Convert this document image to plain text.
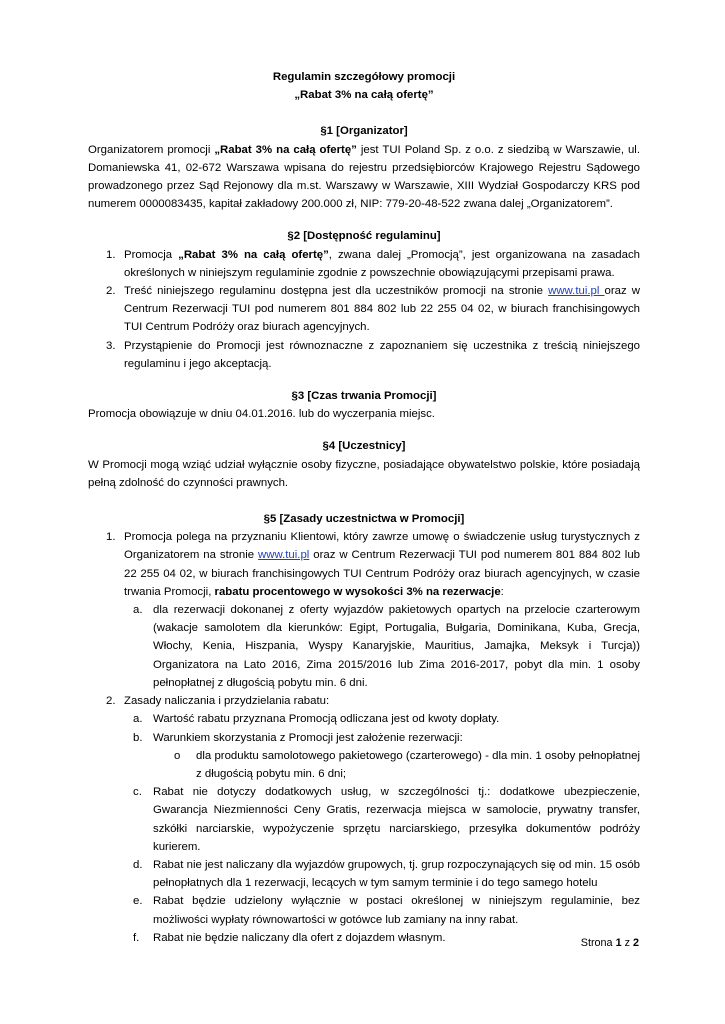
Regulamin szczegółowy promocji
„Rabat 3% na całą ofertę”
§1 [Organizator]

Organizatorem promocji „Rabat 3% na całą ofertę” jest TUI Poland Sp. z o.o. z siedzibą w Warszawie, ul. Domaniewska 41, 02-672 Warszawa wpisana do rejestru przedsiębiorców Krajowego Rejestru Sądowego prowadzonego przez Sąd Rejonowy dla m.st. Warszawy w Warszawie, XIII Wydział Gospodarczy KRS pod numerem 0000083435, kapitał zakładowy 200.000 zł, NIP: 779-20-48-522 zwana dalej „Organizatorem”.

§2 [Dostępność regulaminu]
1. Promocja „Rabat 3% na całą ofertę”, zwana dalej „Promocją”, jest organizowana na zasadach określonych w niniejszym regulaminie zgodnie z powszechnie obowiązującymi przepisami prawa.
2. Treść niniejszego regulaminu dostępna jest dla uczestników promocji na stronie www.tui.pl oraz w Centrum Rezerwacji TUI pod numerem 801 884 802 lub 22 255 04 02, w biurach franchisingowych TUI Centrum Podróży oraz biurach agencyjnych.
3. Przystąpienie do Promocji jest równoznaczne z zapoznaniem się uczestnika z treścią niniejszego regulaminu i jego akceptacją.
§3 [Czas trwania Promocji]

Promocja obowiązuje w dniu 04.01.2016. lub do wyczerpania miejsc.

§4 [Uczestnicy]

W Promocji mogą wziąć udział wyłącznie osoby fizyczne, posiadające obywatelstwo polskie, które posiadają pełną zdolność do czynności prawnych.

§5 [Zasady uczestnictwa w Promocji]
1. Promocja polega na przyznaniu Klientowi, który zawrze umowę o świadczenie usług turystycznych z Organizatorem na stronie www.tui.pl oraz w Centrum Rezerwacji TUI pod numerem 801 884 802 lub 22 255 04 02, w biurach franchisingowych TUI Centrum Podróży oraz biurach agencyjnych, w czasie trwania Promocji, rabatu procentowego w wysokości 3% na rezerwacje:
a. dla rezerwacji dokonanej z oferty wyjazdów pakietowych opartych na przelocie czarterowym (wakacje samolotem dla kierunków: Egipt, Portugalia, Bułgaria, Dominikana, Kuba, Grecja, Włochy, Kenia, Hiszpania, Wyspy Kanaryjskie, Mauritius, Jamajka, Meksyk i Turcja)) Organizatora na Lato 2016, Zima 2015/2016 lub Zima 2016-2017, pobyt dla min. 1 osoby pełnopłatnej z długością pobytu min. 6 dni.
2. Zasady naliczania i przydzielania rabatu:
a. Wartość rabatu przyznana Promocją odliczana jest od kwoty dopłaty.
b. Warunkiem skorzystania z Promocji jest założenie rezerwacji:
o dla produktu samolotowego pakietowego (czarterowego) - dla min. 1 osoby pełnopłatnej z długością pobytu min. 6 dni;
c. Rabat nie dotyczy dodatkowych usług, w szczególności tj.: dodatkowe ubezpieczenie, Gwarancja Niezmienności Ceny Gratis, rezerwacja miejsca w samolocie, prywatny transfer, szkółki narciarskie, wypożyczenie sprzętu narciarskiego, przesyłka dokumentów podróży kurierem.
d. Rabat nie jest naliczany dla wyjazdów grupowych, tj. grup rozpoczynających się od min. 15 osób pełnopłatnych dla 1 rezerwacji, lecących w tym samym terminie i do tego samego hotelu
e. Rabat będzie udzielony wyłącznie w postaci określonej w niniejszym regulaminie, bez możliwości wypłaty równowartości w gotówce lub zamiany na inny rabat.
f. Rabat nie będzie naliczany dla ofert z dojazdem własnym.	Strona 1 z 2
